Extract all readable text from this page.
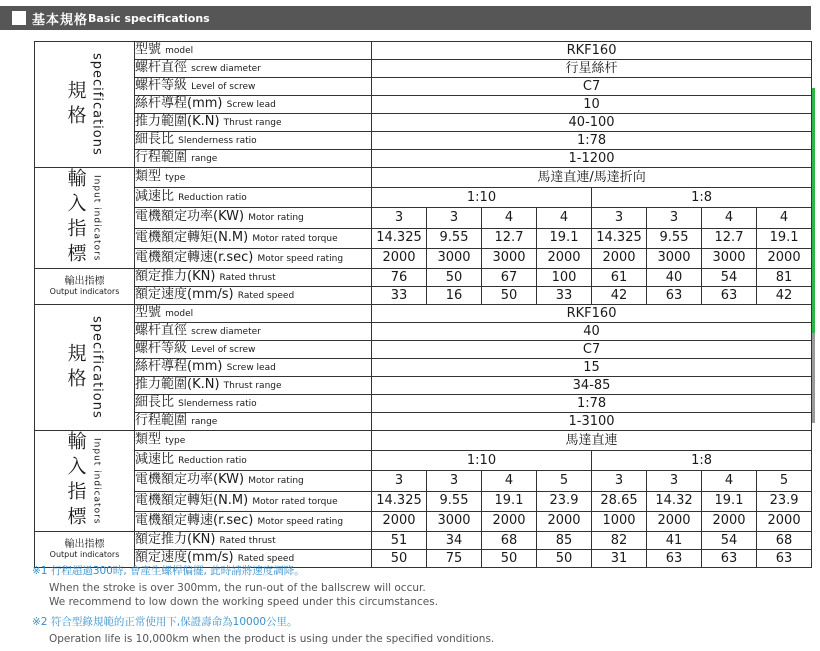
基本規格 Basic specifications
規格 specifications	型號 model	RKF160							
	螺杆直徑 screw diameter	行星絲杆							
	螺杆等級 Level of screw	C7							
	絲杆導程(mm) Screw lead	10							
	推力範圍(K.N) Thrust range	40-100							
	細長比 Slenderness ratio	1:78							
	行程範圍 range	1-1200							

輸入指標 Input indicators	類型 type	馬達直連/馬達折向							
	減速比 Reduction ratio	1:10				1:8			
	電機額定功率(KW) Motor rating	3	3	4	4	3	3	4	4
	電機額定轉矩(N.M) Motor rated torque	14.325	9.55	12.7	19.1	14.325	9.55	12.7	19.1
	電機額定轉速(r.sec) Motor speed rating	2000	3000	3000	2000	2000	3000	3000	2000

輸出指標
Output indicators	額定推力(KN) Rated thrust	76	50	67	100	61	40	54	81
	額定速度(mm/s) Rated speed	33	16	50	33	42	63	63	42

規格 specifications	型號 model	RKF160							
	螺杆直徑 screw diameter	40							
	螺杆等級 Level of screw	C7							
	絲杆導程(mm) Screw lead	15							
	推力範圍(K.N) Thrust range	34-85							
	細長比 Slenderness ratio	1:78							
	行程範圍 range	1-3100							

輸入指標 Input indicators	類型 type	馬達直連							
	減速比 Reduction ratio	1:10				1:8			
	電機額定功率(KW) Motor rating	3	3	4	5	3	3	4	5
	電機額定轉矩(N.M) Motor rated torque	14.325	9.55	19.1	23.9	28.65	14.32	19.1	23.9
	電機額定轉速(r.sec) Motor speed rating	2000	3000	2000	2000	1000	2000	2000	2000

輸出指標
Output indicators	額定推力(KN) Rated thrust	51	34	68	85	82	41	54	68
	額定速度(mm/s) Rated speed	50	75	50	50	31	63	63	63
※1 行程超過300時, 會產生螺桿偏擺, 此時請將速度調降。
When the stroke is over 300mm, the run-out of the ballscrew will occur.
We recommend to low down the working speed under this circumstances.
※2 符合型錄規範的正常使用下,保證壽命為10000公里。
Operation life is 10,000km when the product is using under the specified vonditions.
